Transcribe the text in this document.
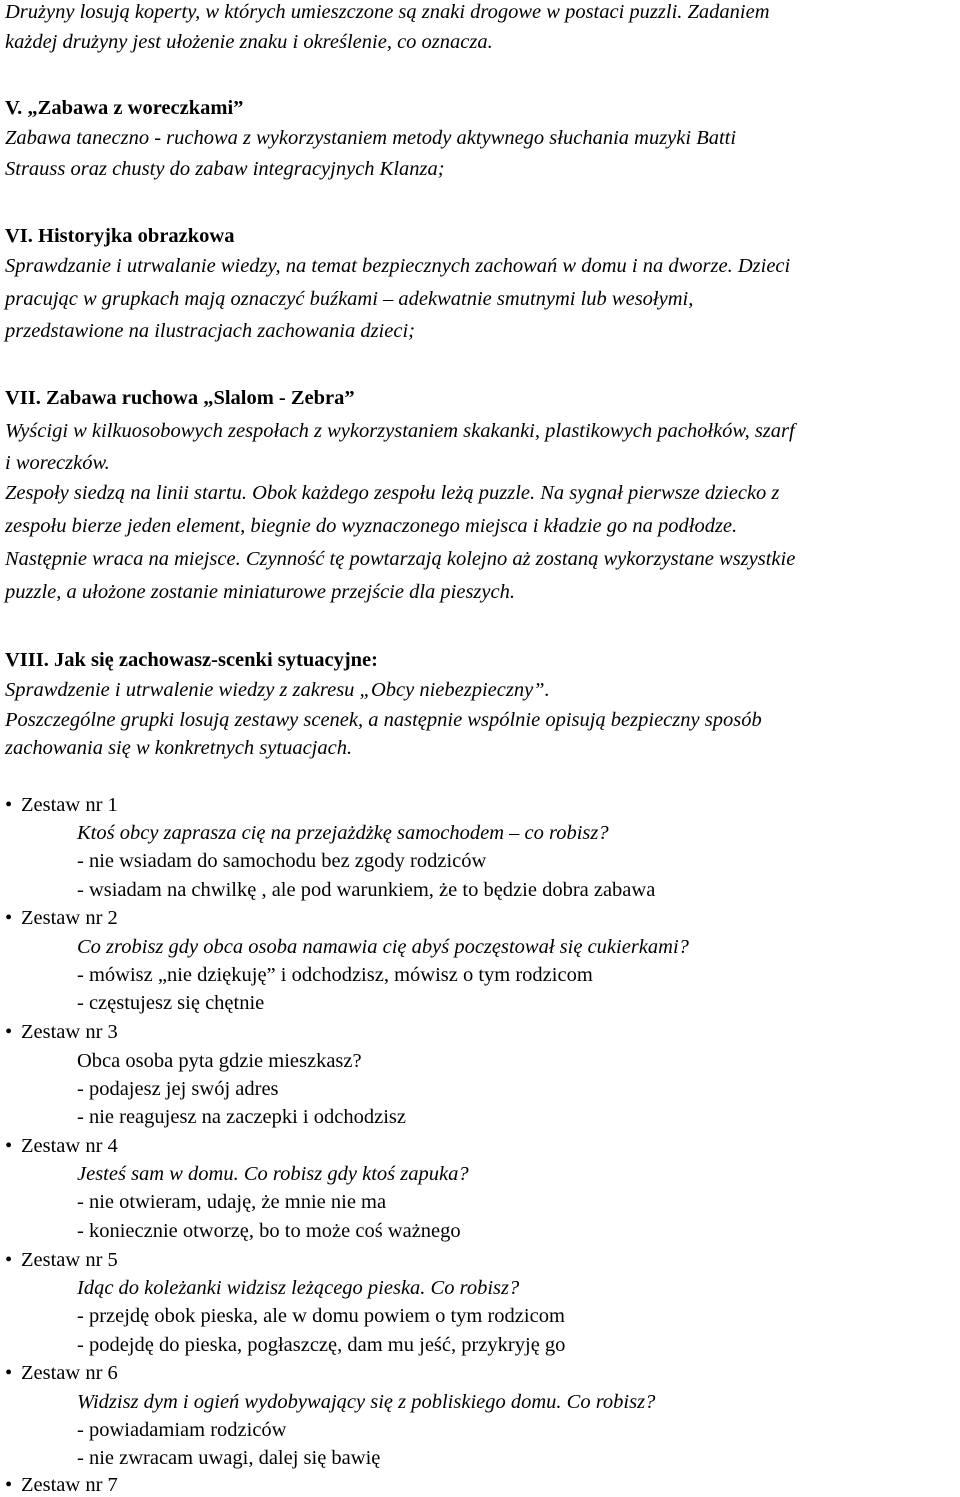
Drużyny losują koperty, w których umieszczone są znaki drogowe w postaci puzzli. Zadaniem
każdej drużyny jest ułożenie znaku i określenie, co oznacza.
V. „Zabawa z woreczkami”
Zabawa taneczno - ruchowa z wykorzystaniem metody aktywnego słuchania muzyki Batti
Strauss oraz chusty do zabaw integracyjnych Klanza;
VI. Historyjka obrazkowa
Sprawdzanie i utrwalanie wiedzy, na temat bezpiecznych zachowań w domu i na dworze. Dzieci
pracując w grupkach mają oznaczyć buźkami – adekwatnie smutnymi lub wesołymi,
przedstawione na ilustracjach zachowania dzieci;
VII. Zabawa ruchowa „Slalom - Zebra”
Wyścigi w kilkuosobowych zespołach z wykorzystaniem skakanki, plastikowych pachołków, szarf
i woreczków.
Zespoły siedzą na linii startu. Obok każdego zespołu leżą puzzle. Na sygnał pierwsze dziecko z
zespołu bierze jeden element, biegnie do wyznaczonego miejsca i kładzie go na podłodze.
Następnie wraca na miejsce. Czynność tę powtarzają kolejno aż zostaną wykorzystane wszystkie
puzzle, a ułożone zostanie miniaturowe przejście dla pieszych.
VIII. Jak się zachowasz-scenki sytuacyjne:
Sprawdzenie i utrwalenie wiedzy z zakresu „Obcy niebezpieczny”.
Poszczególne grupki losują zestawy scenek, a następnie wspólnie opisują bezpieczny sposób
zachowania się w konkretnych sytuacjach.
• Zestaw nr 1
Ktoś obcy zaprasza cię na przejażdżkę samochodem – co robisz?
- nie wsiadam do samochodu bez zgody rodziców
- wsiadam na chwilkę , ale pod warunkiem, że to będzie dobra zabawa
• Zestaw nr 2
Co zrobisz gdy obca osoba namawia cię abyś poczęstował się cukierkami?
- mówisz „nie dziękuję” i odchodzisz, mówisz o tym rodzicom
- częstujesz się chętnie
• Zestaw nr 3
Obca osoba pyta gdzie mieszkasz?
- podajesz jej swój adres
- nie reagujesz na zaczepki i odchodzisz
• Zestaw nr 4
Jesteś sam w domu. Co robisz gdy ktoś zapuka?
- nie otwieram, udaję, że mnie nie ma
- koniecznie otworzę, bo to może coś ważnego
• Zestaw nr 5
Idąc do koleżanki widzisz leżącego pieska. Co robisz?
- przejdę obok pieska, ale w domu powiem o tym rodzicom
- podejdę do pieska, pogłaszczę, dam mu jeść, przykryję go
• Zestaw nr 6
Widzisz dym i ogień wydobywający się z pobliskiego domu. Co robisz?
- powiadamiam rodziców
- nie zwracam uwagi, dalej się bawię
• Zestaw nr 7
